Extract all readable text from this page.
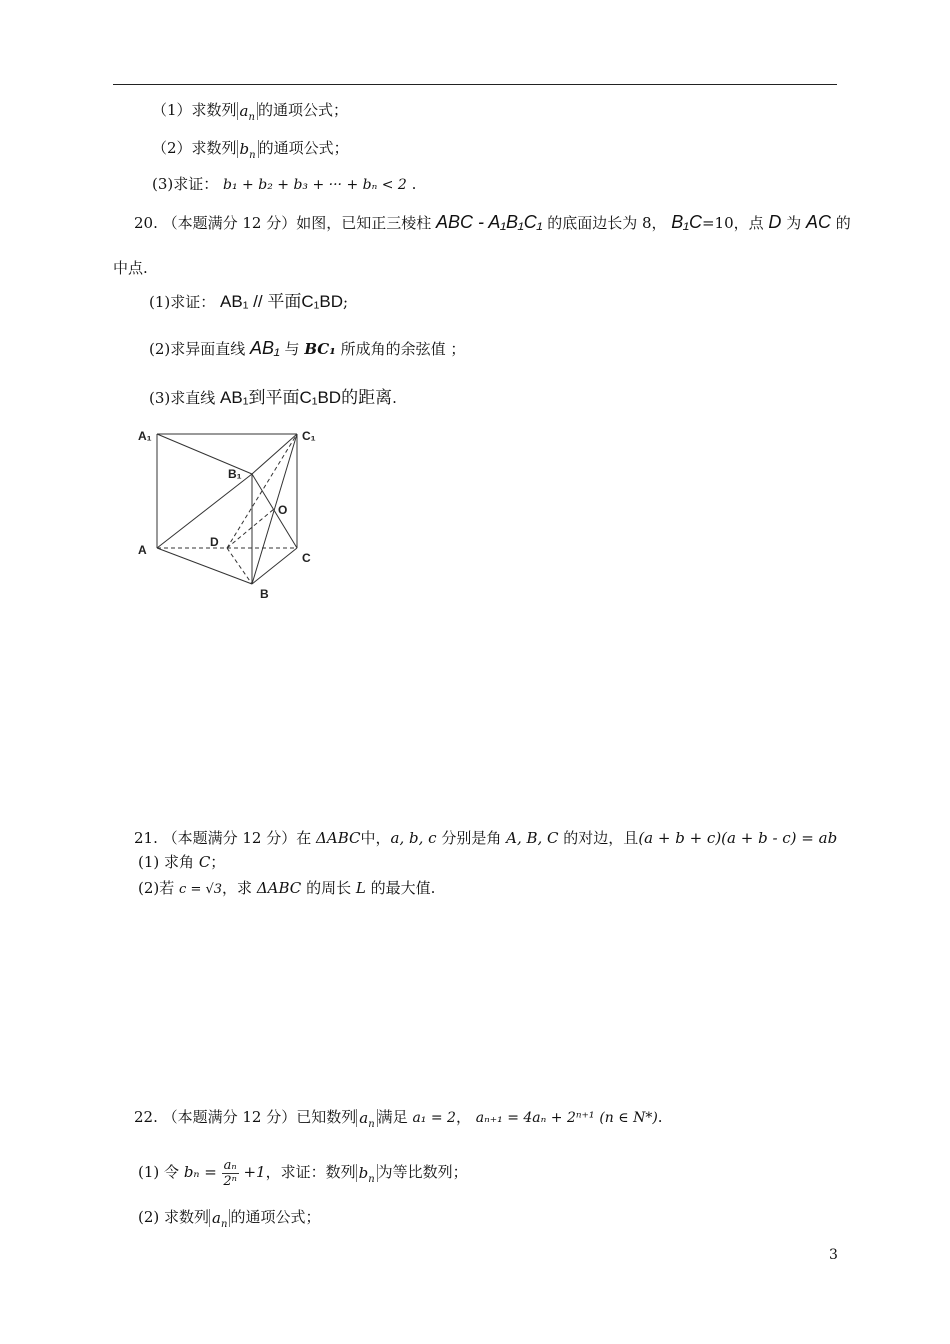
（1）求数列 $a_n$ 的通项公式；
（2）求数列 $b_n$ 的通项公式；
(3)求证： b₁ + b₂ + b₃ + ··· + bₙ < 2 .
20. （本题满分 12 分）如图，已知正三棱柱 ABC - A₁B₁C₁ 的底面边长为 8， B₁C=10，点 D 为 AC 的
中点.
(1)求证： AB₁ // 平面C₁BD;
(2)求异面直线 AB₁ 与 BC₁ 所成角的余弦值 ；
(3)求直线 AB₁到平面C₁BD的距离.
A₁	C₁
B₁
O
A
D
C
B
21. （本题满分 12 分）在 ΔABC中，a, b, c 分别是角 A, B, C 的对边，且(a + b + c)(a + b - c) = ab
(1) 求角 C；
(2)若 c = √3，求 ΔABC 的周长 L 的最大值.
22. （本题满分 12 分）已知数列 $a_n$ 满足 a₁ = 2， aₙ₊₁ = 4aₙ + 2ⁿ⁺¹ (n ∈ N*).
(1) 令 $b_n = \frac{\text{aₙ}}{\text{2ⁿ}} +1$，求证：数列 $b_n$ 为等比数列；
(2) 求数列 $a_n$ 的通项公式；
3
